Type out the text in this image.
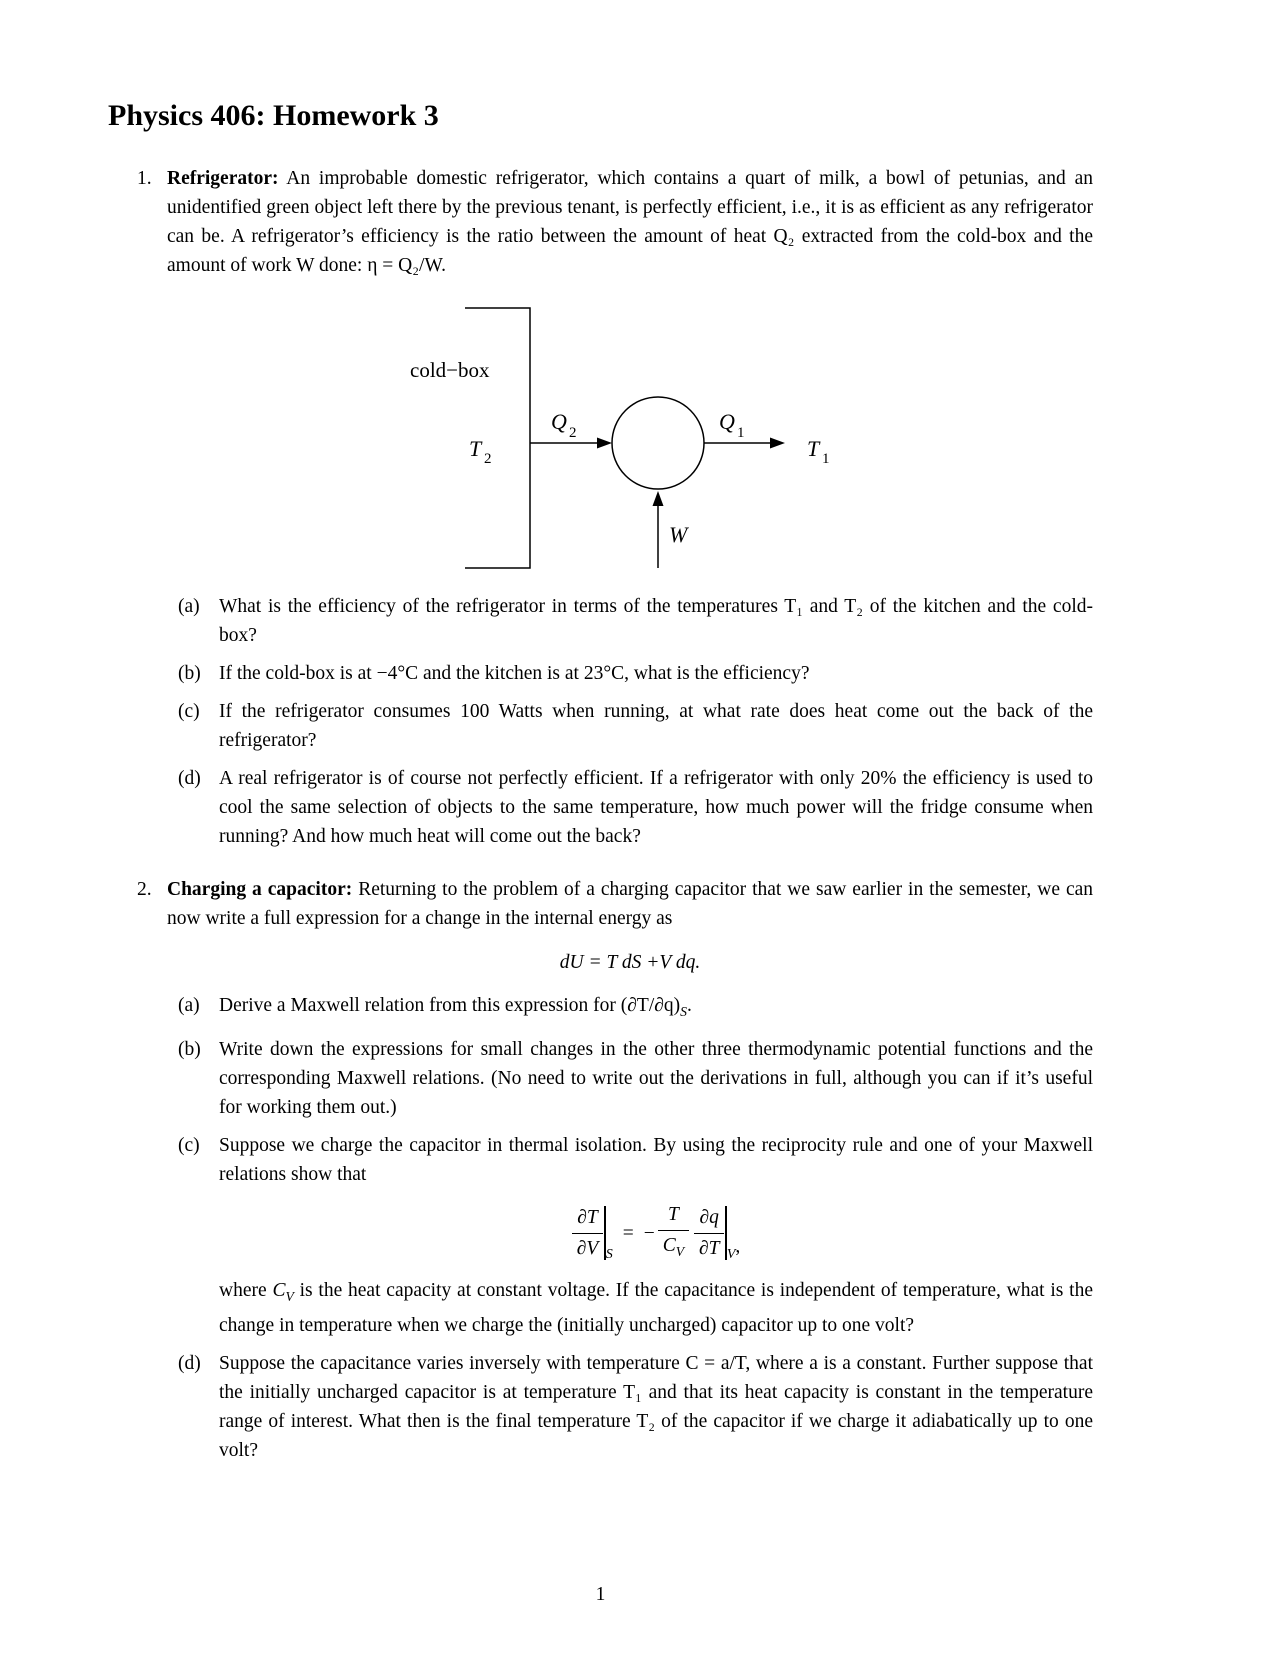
Physics 406: Homework 3
1. Refrigerator: An improbable domestic refrigerator, which contains a quart of milk, a bowl of petunias, and an unidentified green object left there by the previous tenant, is perfectly efficient, i.e., it is as efficient as any refrigerator can be. A refrigerator’s efficiency is the ratio between the amount of heat Q₂ extracted from the cold-box and the amount of work W done: η = Q₂/W.

cold−box
T 2
Q 2	Q 1
T 1
W
(a) What is the efficiency of the refrigerator in terms of the temperatures T₁ and T₂ of the kitchen and the cold-box?
(b) If the cold-box is at −4°C and the kitchen is at 23°C, what is the efficiency?
(c) If the refrigerator consumes 100 Watts when running, at what rate does heat come out the back of the refrigerator?
(d) A real refrigerator is of course not perfectly efficient. If a refrigerator with only 20% the efficiency is used to cool the same selection of objects to the same temperature, how much power will the fridge consume when running? And how much heat will come out the back?
2. Charging a capacitor: Returning to the problem of a charging capacitor that we saw earlier in the semester, we can now write a full expression for a change in the internal energy as

dU = T dS +V dq.
(a) Derive a Maxwell relation from this expression for $(\partial T/\partial q)_S$.
(b) Write down the expressions for small changes in the other three thermodynamic potential functions and the corresponding Maxwell relations. (No need to write out the derivations in full, although you can if it’s useful for working them out.)
(c) Suppose we charge the capacitor in thermal isolation. By using the reciprocity rule and one of your Maxwell relations show that
$\frac{\partial T}{\partial V} S= - \frac{T}{C_V}$
$\frac{\partial q}{\partial T} V$,
where $C_V$ is the heat capacity at constant voltage. If the capacitance is independent of temperature, what is the change in temperature when we charge the (initially uncharged) capacitor up to one volt?
(d) Suppose the capacitance varies inversely with temperature C = a/T, where a is a constant. Further suppose that the initially uncharged capacitor is at temperature T₁ and that its heat capacity is constant in the temperature range of interest. What then is the final temperature T₂ of the capacitor if we charge it adiabatically up to one volt?
1
